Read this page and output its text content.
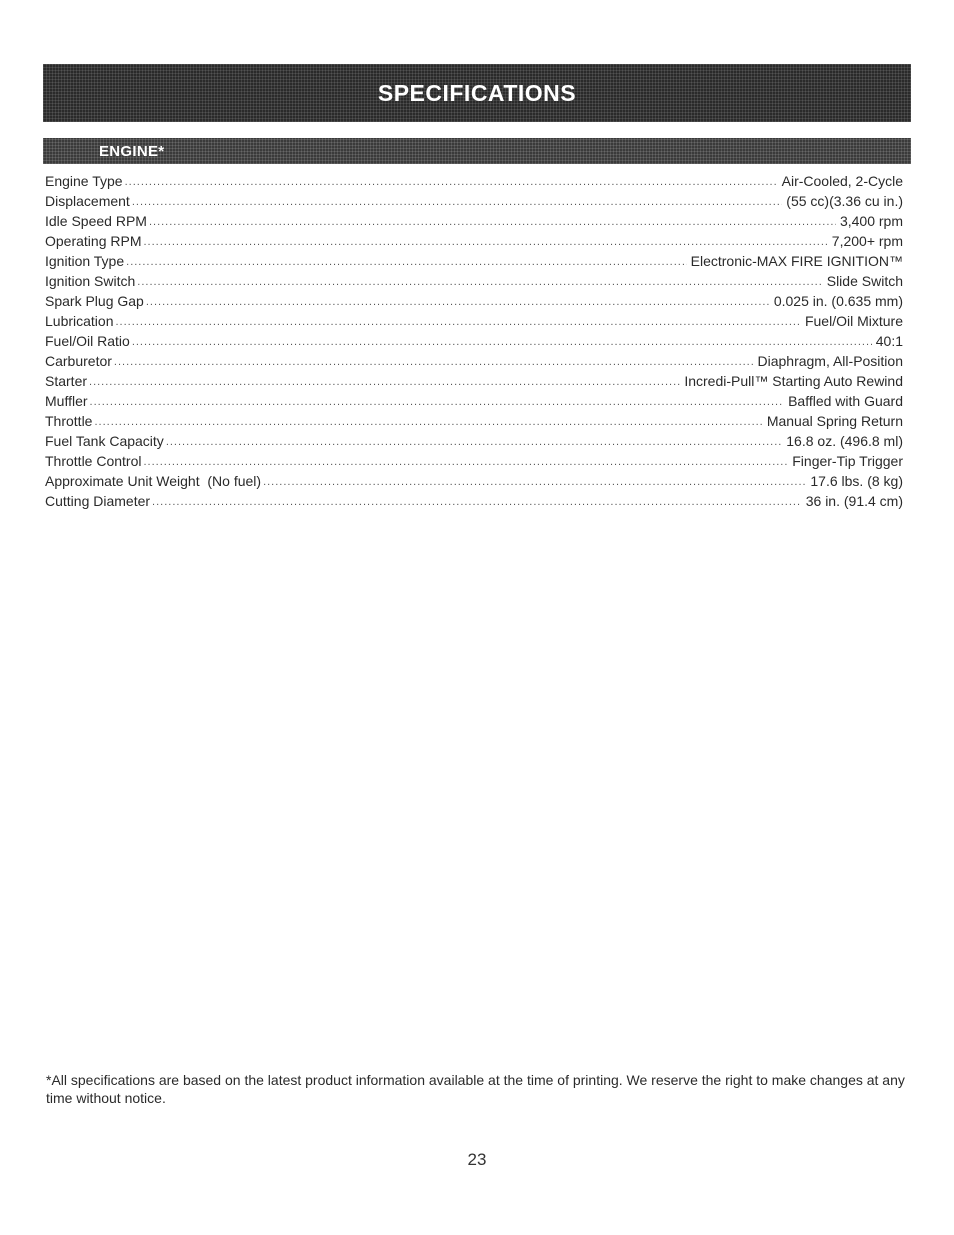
SPECIFICATIONS
ENGINE*
Engine Type .....	Air-Cooled, 2-Cycle
Displacement .....	(55 cc)(3.36 cu in.)
Idle Speed RPM .....	3,400 rpm
Operating RPM .....	7,200+ rpm
Ignition Type .....	Electronic-MAX FIRE IGNITION™
Ignition Switch .....	Slide Switch
Spark Plug Gap .....	0.025 in. (0.635 mm)
Lubrication .....	Fuel/Oil Mixture
Fuel/Oil Ratio .....	40:1
Carburetor .....	Diaphragm, All-Position
Starter .....	Incredi-Pull™ Starting Auto Rewind
Muffler .....	Baffled with Guard
Throttle .....	Manual Spring Return
Fuel Tank Capacity .....	16.8 oz. (496.8 ml)
Throttle Control .....	Finger-Tip Trigger
Approximate Unit Weight  (No fuel) .....	17.6 lbs. (8 kg)
Cutting Diameter .....	36 in. (91.4 cm)
*All specifications are based on the latest product information available at the time of printing. We reserve the right to make changes at any time without notice.
23
